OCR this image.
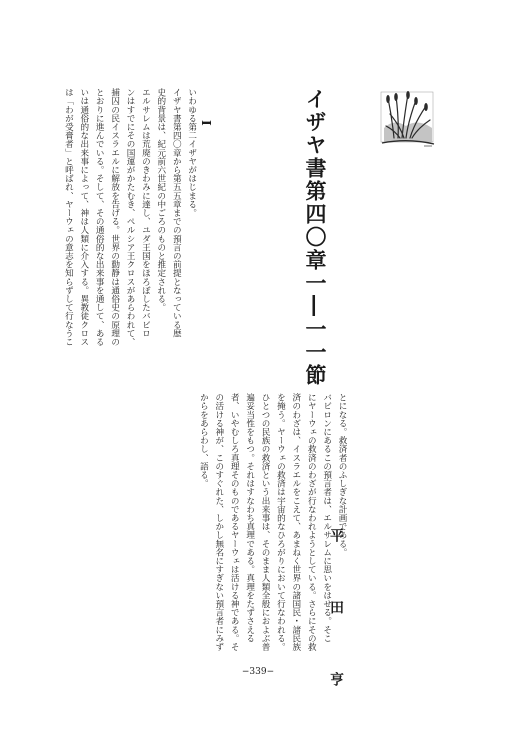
イザヤ書第四〇章一―一一節
平　田　亨
I
いわゆる第二イザヤがはじまる。
イザヤ書第四〇章から第五五章までの預言の前提となっている歴
史的背景は、紀元前六世紀の中ごろのものと推定される。
エルサレムは荒廃のきわみに達し、ユダ王国をほろぼしたバビロ
ンはすでにその国運がかたむき、ペルシア王クロスがあらわれて、
捕囚の民イスラエルに解放を告げる。世界の動静は通俗史の原理の
とおりに進んでいる。そして、その通俗的な出来事を通して、ある
いは通俗的な出来事によって、神は人類に介入する。異教徒クロス
は「わが受膏者」と呼ばれ、ヤーウェの意志を知らずして行なうこ
とになる。救済者のふしぎな計画である。
バビロンにあるこの預言者は、エルサレムに思いをはせる。そこ
にヤーウェの救済のわざが行なわれようとしている。さらにその救
済のわざは、イスラエルをこえて、あまねく世界の諸国民・諸民族
を掩う。ヤーウェの救済は宇宙的なひろがりにおいて行なわれる。
ひとつの民族の救済という出来事は、そのまま人類全般におよぶ普
遍妥当性をもつ。それはすなわち真理である。真理をたずさえる
者、いやむしろ真理そのものであるヤーウェは活ける神である。そ
の活ける神が、このすぐれた、しかし無名にすぎない預言者にみず
からをあらわし、語る。
−339−
